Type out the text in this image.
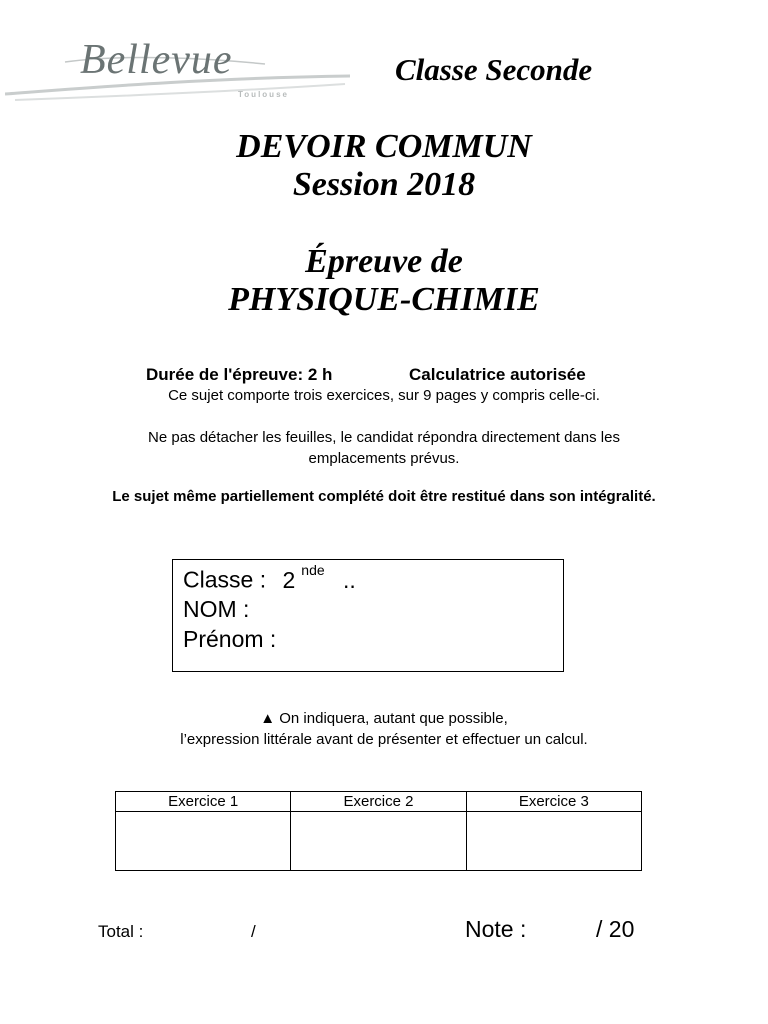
Bellevue
Toulouse
Classe Seconde
DEVOIR COMMUN
Session 2018
Épreuve de
PHYSIQUE-CHIMIE
Durée de l'épreuve: 2 h	Calculatrice autorisée
Ce sujet comporte trois exercices, sur 9 pages y compris celle-ci.
Ne pas détacher les feuilles, le candidat répondra directement dans les
emplacements prévus.
Le sujet même partiellement complété doit être restitué dans son intégralité.
Classe : 2 $^{nde}$ ..
NOM :
Prénom :
▲ On indiquera, autant que possible,
l’expression littérale avant de présenter et effectuer un calcul.
Exercice 1	Exercice 2	Exercice 3

Total :	/	Note :	/ 20
